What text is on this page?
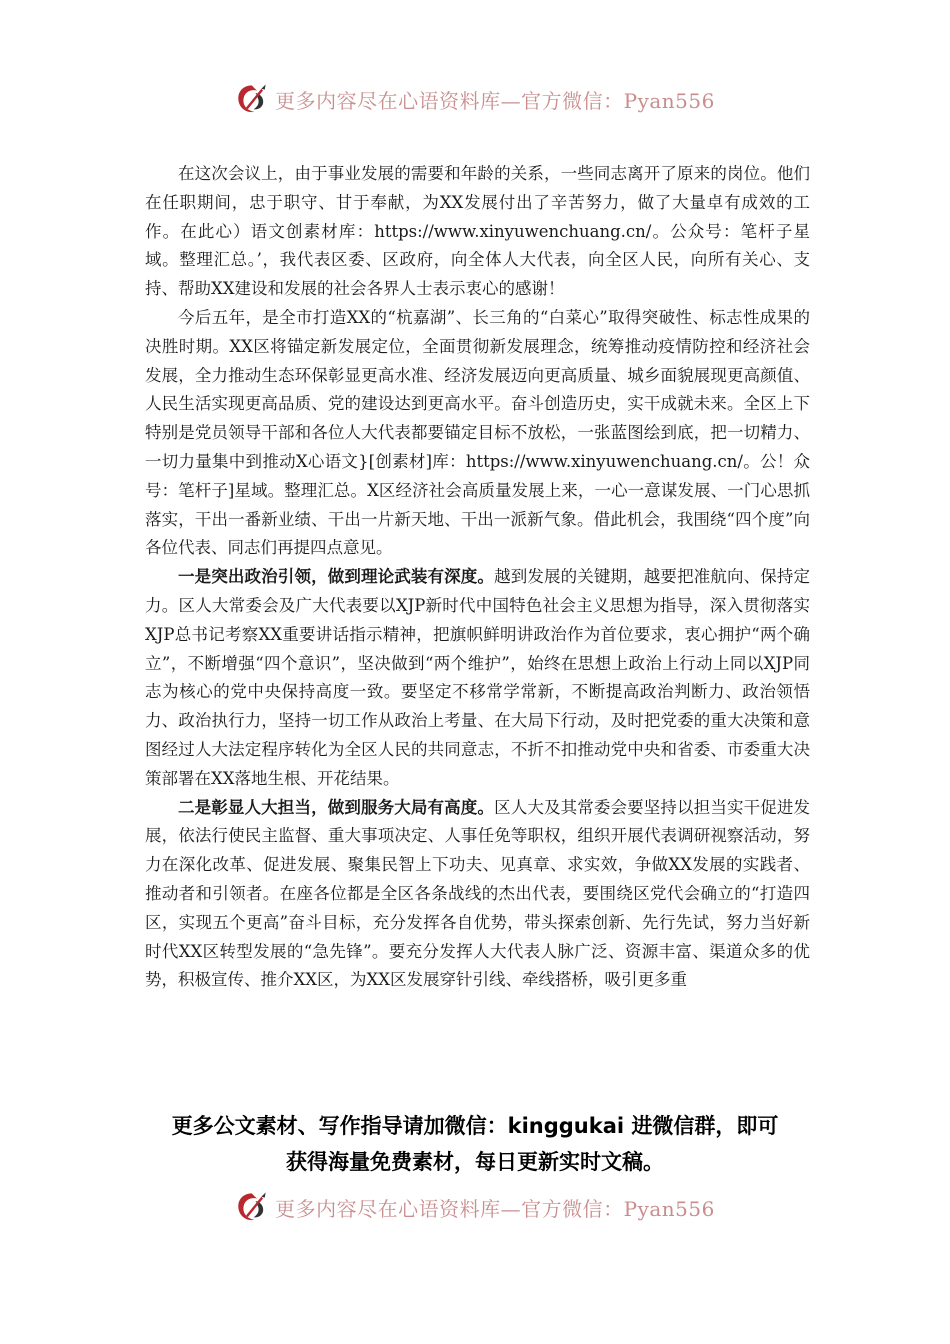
更多内容尽在心语资料库—官方微信：Pyan556

在这次会议上，由于事业发展的需要和年龄的关系，一些同志离开了原来的岗位。他们在任职期间，忠于职守、甘于奉献，为XX发展付出了辛苦努力，做了大量卓有成效的工作。在此心）语文创素材库：https://www.xinyuwenchuang.cn/。公众号：笔杆子星域。整理汇总。’，我代表区委、区政府，向全体人大代表，向全区人民，向所有关心、支持、帮助XX建设和发展的社会各界人士表示衷心的感谢！

今后五年，是全市打造XX的“杭嘉湖”、长三角的“白菜心”取得突破性、标志性成果的决胜时期。XX区将锚定新发展定位，全面贯彻新发展理念，统筹推动疫情防控和经济社会发展，全力推动生态环保彰显更高水准、经济发展迈向更高质量、城乡面貌展现更高颜值、人民生活实现更高品质、党的建设达到更高水平。奋斗创造历史，实干成就未来。全区上下特别是党员领导干部和各位人大代表都要锚定目标不放松，一张蓝图绘到底，把一切精力、一切力量集中到推动X心语文}[创素材]库：https://www.xinyuwenchuang.cn/。公！众号：笔杆子]星域。整理汇总。X区经济社会高质量发展上来，一心一意谋发展、一门心思抓落实，干出一番新业绩、干出一片新天地、干出一派新气象。借此机会，我围绕“四个度”向各位代表、同志们再提四点意见。

一是突出政治引领，做到理论武装有深度。越到发展的关键期，越要把准航向、保持定力。区人大常委会及广大代表要以XJP新时代中国特色社会主义思想为指导，深入贯彻落实XJP总书记考察XX重要讲话指示精神，把旗帜鲜明讲政治作为首位要求，衷心拥护“两个确立”，不断增强“四个意识”，坚决做到“两个维护”，始终在思想上政治上行动上同以XJP同志为核心的党中央保持高度一致。要坚定不移常学常新，不断提高政治判断力、政治领悟力、政治执行力，坚持一切工作从政治上考量、在大局下行动，及时把党委的重大决策和意图经过人大法定程序转化为全区人民的共同意志，不折不扣推动党中央和省委、市委重大决策部署在XX落地生根、开花结果。

二是彰显人大担当，做到服务大局有高度。区人大及其常委会要坚持以担当实干促进发展，依法行使民主监督、重大事项决定、人事任免等职权，组织开展代表调研视察活动，努力在深化改革、促进发展、聚集民智上下功夫、见真章、求实效，争做XX发展的实践者、推动者和引领者。在座各位都是全区各条战线的杰出代表，要围绕区党代会确立的“打造四区，实现五个更高”奋斗目标，充分发挥各自优势，带头探索创新、先行先试，努力当好新时代XX区转型发展的“急先锋”。要充分发挥人大代表人脉广泛、资源丰富、渠道众多的优势，积极宣传、推介XX区，为XX区发展穿针引线、牵线搭桥，吸引更多重

更多公文素材、写作指导请加微信：kinggukai 进微信群，即可
获得海量免费素材，每日更新实时文稿。
更多内容尽在心语资料库—官方微信：Pyan556
